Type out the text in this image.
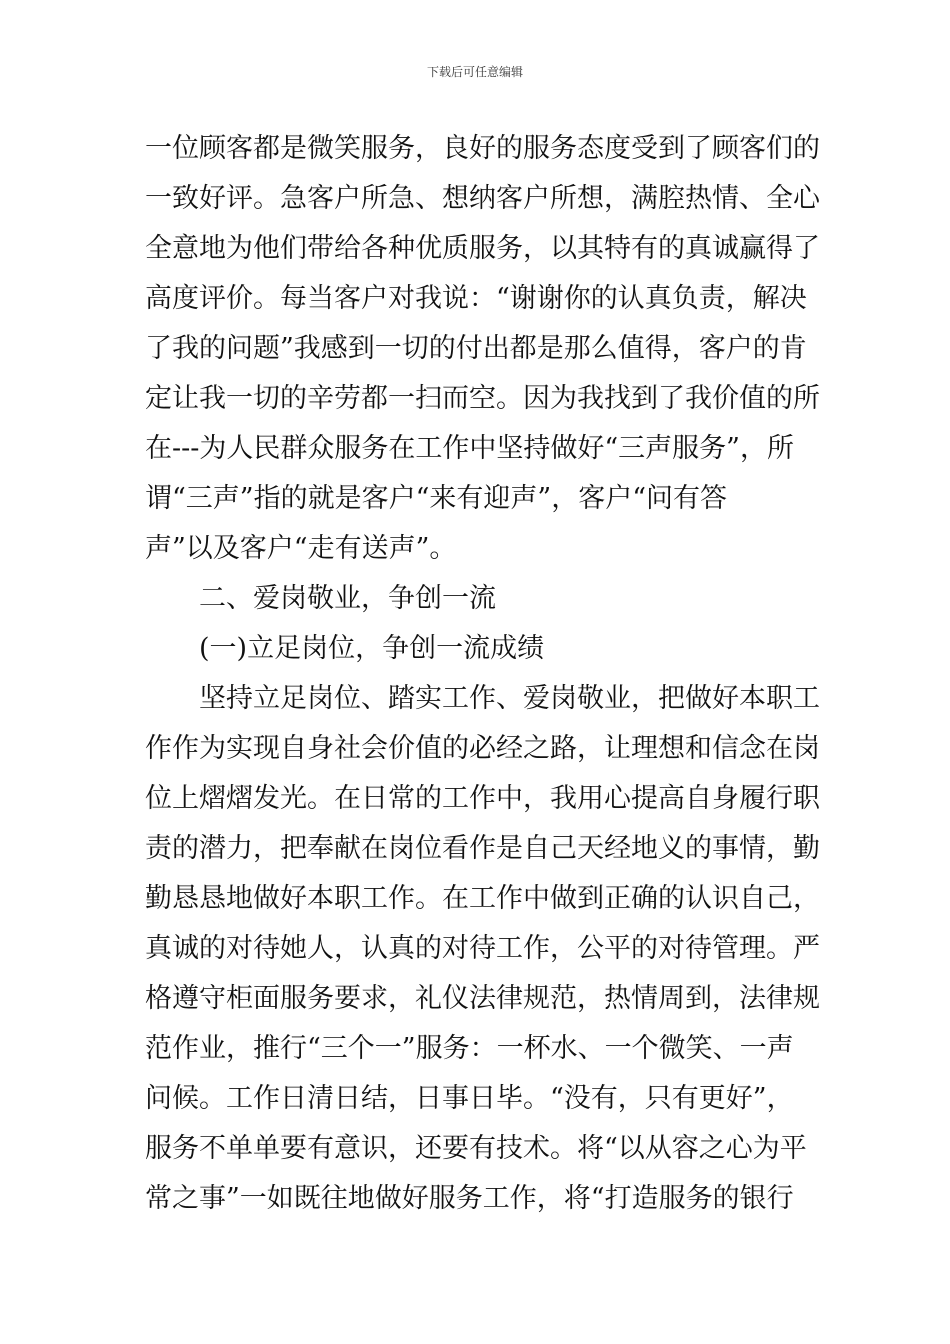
下载后可任意编辑
一位顾客都是微笑服务，良好的服务态度受到了顾客们的
一致好评。急客户所急、想纳客户所想，满腔热情、全心
全意地为他们带给各种优质服务，以其特有的真诚赢得了
高度评价。每当客户对我说：“谢谢你的认真负责，解决
了我的问题”我感到一切的付出都是那么值得，客户的肯
定让我一切的辛劳都一扫而空。因为我找到了我价值的所
在---为人民群众服务在工作中坚持做好“三声服务”，所
谓“三声”指的就是客户“来有迎声”，客户“问有答
声”以及客户“走有送声”。
二、爱岗敬业，争创一流
(一)立足岗位，争创一流成绩
坚持立足岗位、踏实工作、爱岗敬业，把做好本职工
作作为实现自身社会价值的必经之路，让理想和信念在岗
位上熠熠发光。在日常的工作中，我用心提高自身履行职
责的潜力，把奉献在岗位看作是自己天经地义的事情，勤
勤恳恳地做好本职工作。在工作中做到正确的认识自己，
真诚的对待她人，认真的对待工作，公平的对待管理。严
格遵守柜面服务要求，礼仪法律规范，热情周到，法律规
范作业，推行“三个一”服务：一杯水、一个微笑、一声
问候。工作日清日结，日事日毕。“没有，只有更好”，
服务不单单要有意识，还要有技术。将“以从容之心为平
常之事”一如既往地做好服务工作，将“打造服务的银行
